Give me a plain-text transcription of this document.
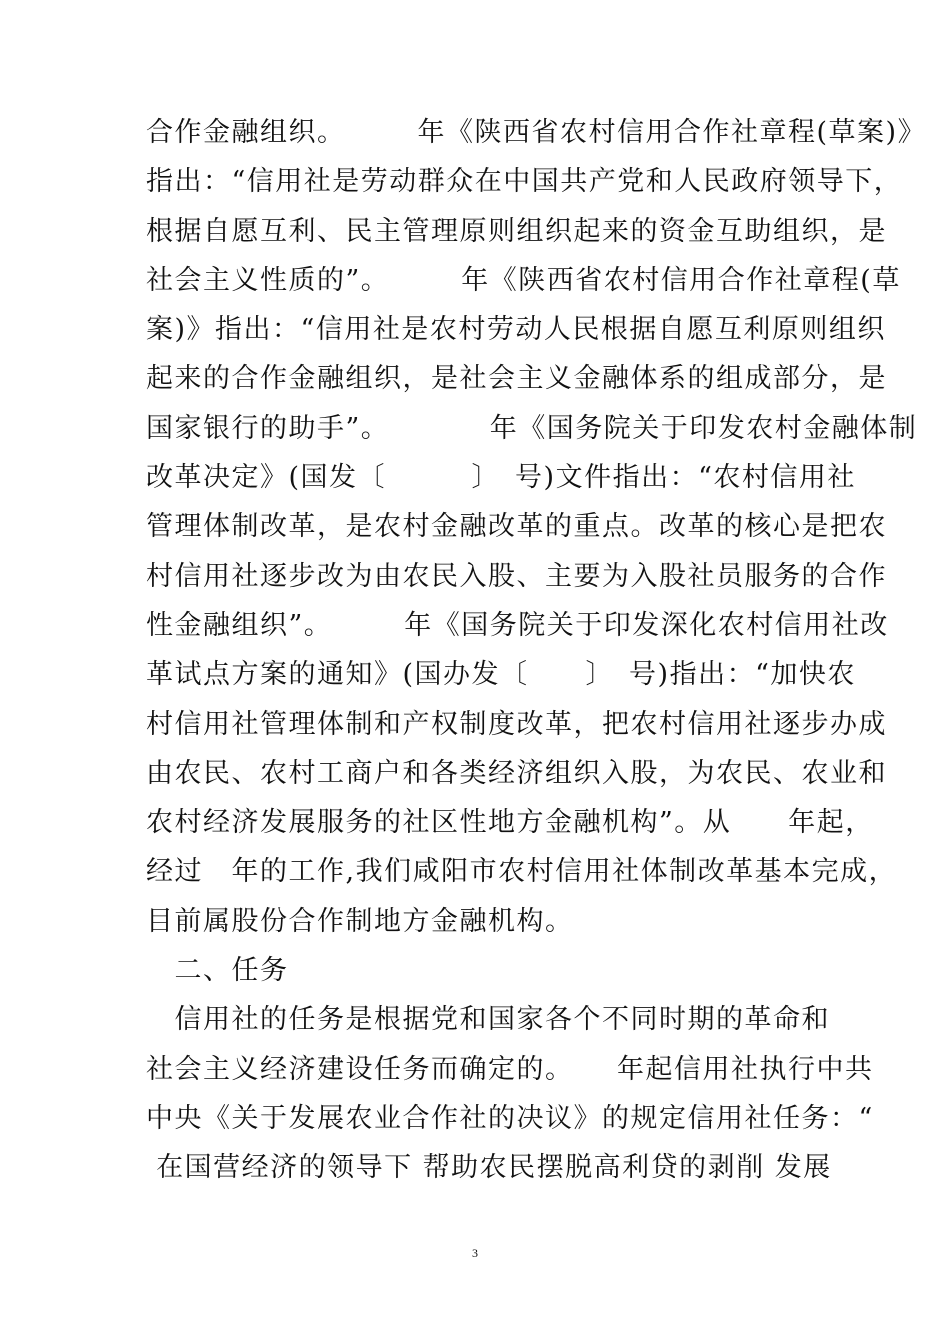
合作金融组织。　　　年《陕西省农村信用合作社章程(草案)》
指出：“信用社是劳动群众在中国共产党和人民政府领导下，
根据自愿互利、民主管理原则组织起来的资金互助组织，是
社会主义性质的”。　　　年《陕西省农村信用合作社章程(草
案)》指出：“信用社是农村劳动人民根据自愿互利原则组织
起来的合作金融组织，是社会主义金融体系的组成部分，是
国家银行的助手”。　　　　年《国务院关于印发农村金融体制
改革决定》(国发〔　　　〕　号)文件指出：“农村信用社
管理体制改革，是农村金融改革的重点。改革的核心是把农
村信用社逐步改为由农民入股、主要为入股社员服务的合作
性金融组织”。　　　年《国务院关于印发深化农村信用社改
革试点方案的通知》(国办发〔　　〕　号)指出：“加快农
村信用社管理体制和产权制度改革，把农村信用社逐步办成
由农民、农村工商户和各类经济组织入股，为农民、农业和
农村经济发展服务的社区性地方金融机构”。从　　年起，
经过　年的工作,我们咸阳市农村信用社体制改革基本完成，
目前属股份合作制地方金融机构。
　二、任务
　信用社的任务是根据党和国家各个不同时期的革命和
社会主义经济建设任务而确定的。　　年起信用社执行中共
中央《关于发展农业合作社的决议》的规定信用社任务：“
在国营经济的领导下 帮助农民摆脱高利贷的剥削 发展
3
